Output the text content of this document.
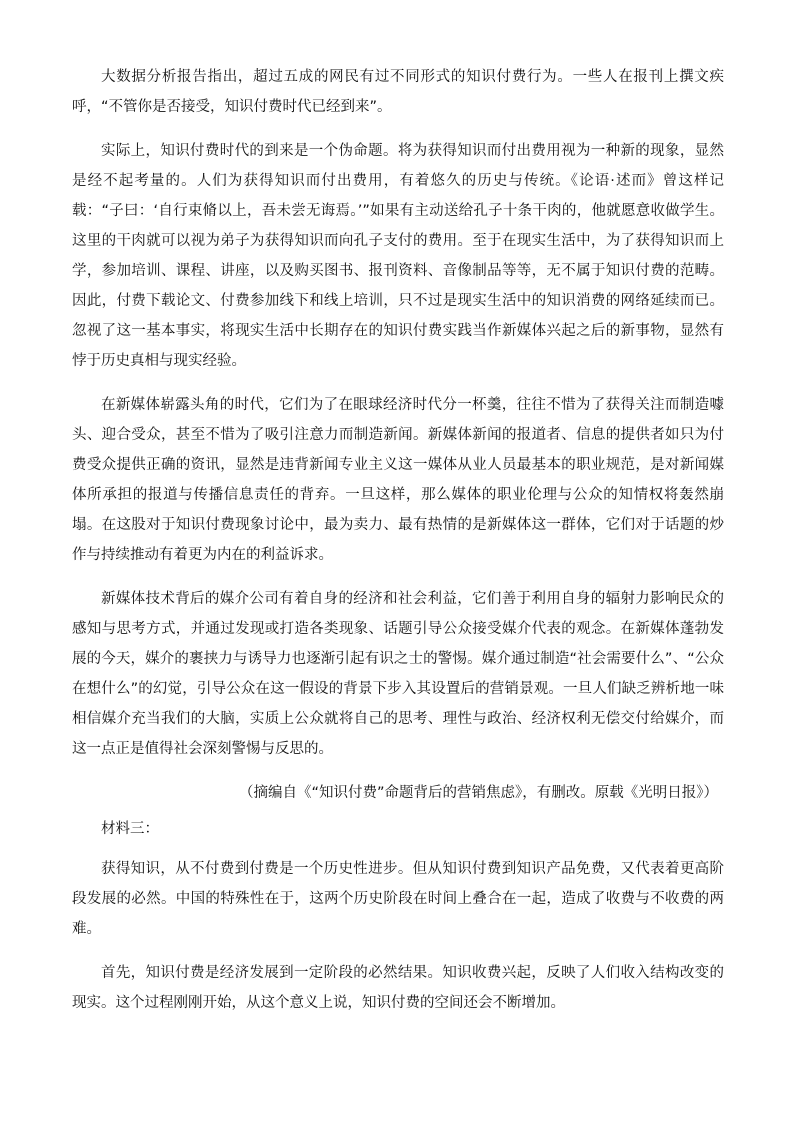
大数据分析报告指出，超过五成的网民有过不同形式的知识付费行为。一些人在报刊上撰文疾呼，“不管你是否接受，知识付费时代已经到来”。

实际上，知识付费时代的到来是一个伪命题。将为获得知识而付出费用视为一种新的现象，显然是经不起考量的。人们为获得知识而付出费用，有着悠久的历史与传统。《论语·述而》曾这样记载：“子曰：‘自行束脩以上，吾未尝无诲焉。’”如果有主动送给孔子十条干肉的，他就愿意收做学生。这里的干肉就可以视为弟子为获得知识而向孔子支付的费用。至于在现实生活中，为了获得知识而上学，参加培训、课程、讲座，以及购买图书、报刊资料、音像制品等等，无不属于知识付费的范畴。因此，付费下载论文、付费参加线下和线上培训，只不过是现实生活中的知识消费的网络延续而已。忽视了这一基本事实，将现实生活中长期存在的知识付费实践当作新媒体兴起之后的新事物，显然有悖于历史真相与现实经验。

在新媒体崭露头角的时代，它们为了在眼球经济时代分一杯羹，往往不惜为了获得关注而制造噱头、迎合受众，甚至不惜为了吸引注意力而制造新闻。新媒体新闻的报道者、信息的提供者如只为付费受众提供正确的资讯，显然是违背新闻专业主义这一媒体从业人员最基本的职业规范，是对新闻媒体所承担的报道与传播信息责任的背弃。一旦这样，那么媒体的职业伦理与公众的知情权将轰然崩塌。在这股对于知识付费现象讨论中，最为卖力、最有热情的是新媒体这一群体，它们对于话题的炒作与持续推动有着更为内在的利益诉求。

新媒体技术背后的媒介公司有着自身的经济和社会利益，它们善于利用自身的辐射力影响民众的感知与思考方式，并通过发现或打造各类现象、话题引导公众接受媒介代表的观念。在新媒体蓬勃发展的今天，媒介的裹挟力与诱导力也逐渐引起有识之士的警惕。媒介通过制造“社会需要什么”、“公众在想什么”的幻觉，引导公众在这一假设的背景下步入其设置后的营销景观。一旦人们缺乏辨析地一味相信媒介充当我们的大脑，实质上公众就将自己的思考、理性与政治、经济权利无偿交付给媒介，而这一点正是值得社会深刻警惕与反思的。

（摘编自《“知识付费”命题背后的营销焦虑》，有删改。原载《光明日报》）

材料三：

获得知识，从不付费到付费是一个历史性进步。但从知识付费到知识产品免费，又代表着更高阶段发展的必然。中国的特殊性在于，这两个历史阶段在时间上叠合在一起，造成了收费与不收费的两难。

首先，知识付费是经济发展到一定阶段的必然结果。知识收费兴起，反映了人们收入结构改变的现实。这个过程刚刚开始，从这个意义上说，知识付费的空间还会不断增加。
